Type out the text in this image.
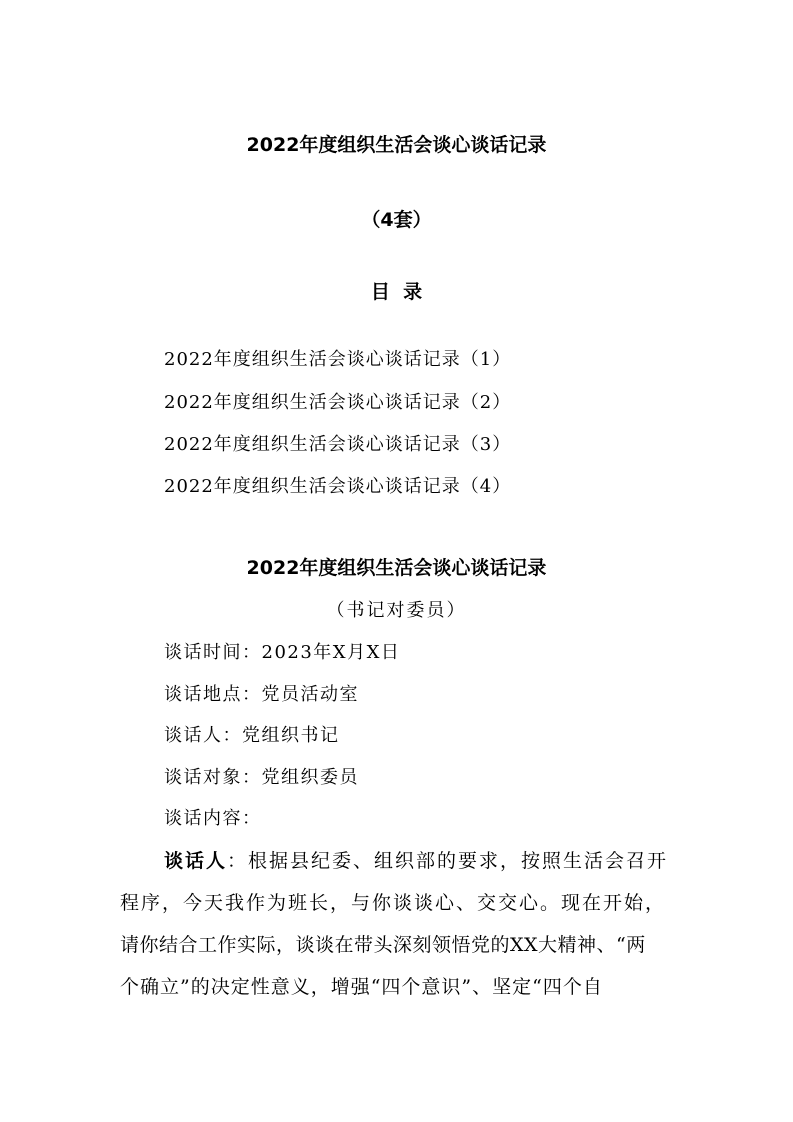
2022年度组织生活会谈心谈话记录
（4套）
目  录
2022年度组织生活会谈心谈话记录（1）
2022年度组织生活会谈心谈话记录（2）
2022年度组织生活会谈心谈话记录（3）
2022年度组织生活会谈心谈话记录（4）
2022年度组织生活会谈心谈话记录
（书记对委员）
谈话时间：2023年X月X日
谈话地点：党员活动室
谈话人：党组织书记
谈话对象：党组织委员
谈话内容：
谈话人：根据县纪委、组织部的要求，按照生活会召开
程序，今天我作为班长，与你谈谈心、交交心。现在开始，
请你结合工作实际，谈谈在带头深刻领悟党的XX大精神、“两
个确立”的决定性意义，增强“四个意识”、坚定“四个自
